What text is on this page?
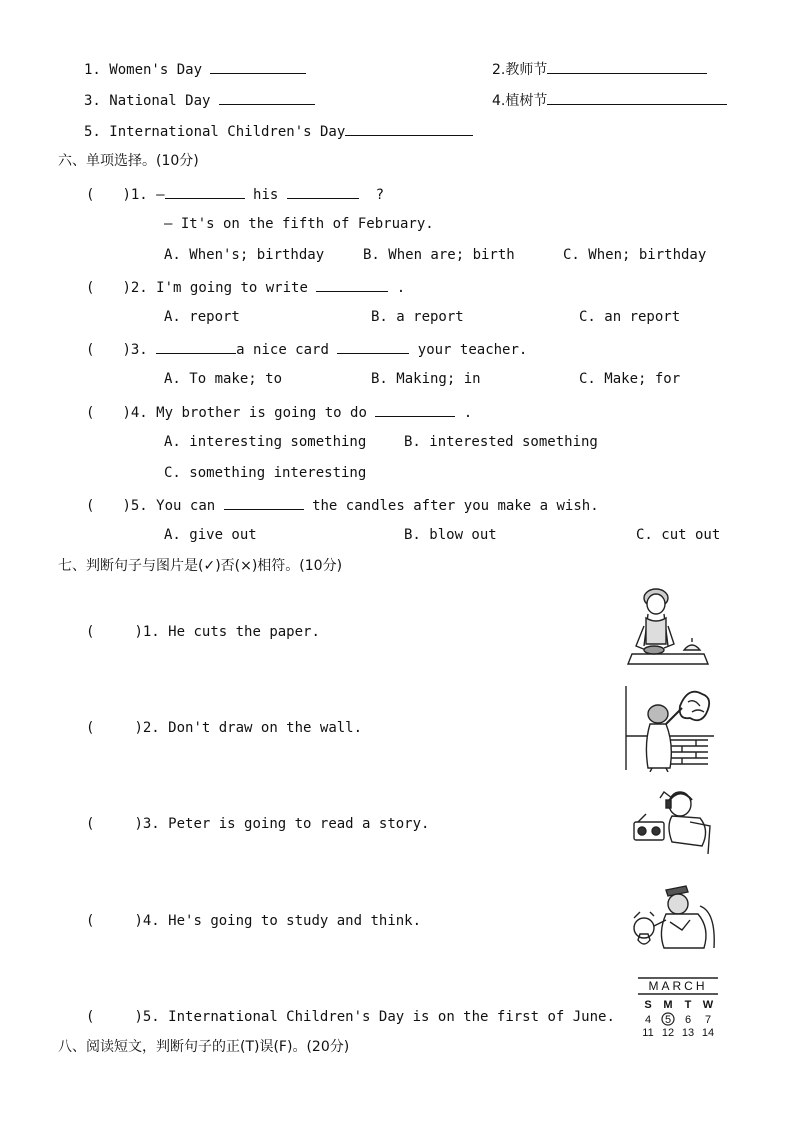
1. Women's Day	2.教师节
3. National Day	4.植树节
5. International Children's Day
六、单项选择。(10分)
( )1. —	his	?
— It's on the fifth of February.
A. When's; birthday	B. When are; birth	C. When; birthday
( )2. I'm going to write	.
A. report	B. a report	C. an report
( )3.	a nice card	your teacher.
A. To make; to	B. Making; in	C. Make; for
( )4. My brother is going to do	.
A. interesting something	B. interested something
C. something interesting
( )5. You can	the candles after you make a wish.
A. give out	B. blow out	C. cut out
七、判断句子与图片是(✓)否(×)相符。(10分)
(	)1. He cuts the paper.
(	)2. Don't draw on the wall.
(	)3. Peter is going to read a story.
(	)4. He's going to study and think.
(	)5. International Children's Day is on the first of June.
MARCH
S M T W
4 5 6 7
11 12 13 14
八、阅读短文，判断句子的正(T)误(F)。(20分)
